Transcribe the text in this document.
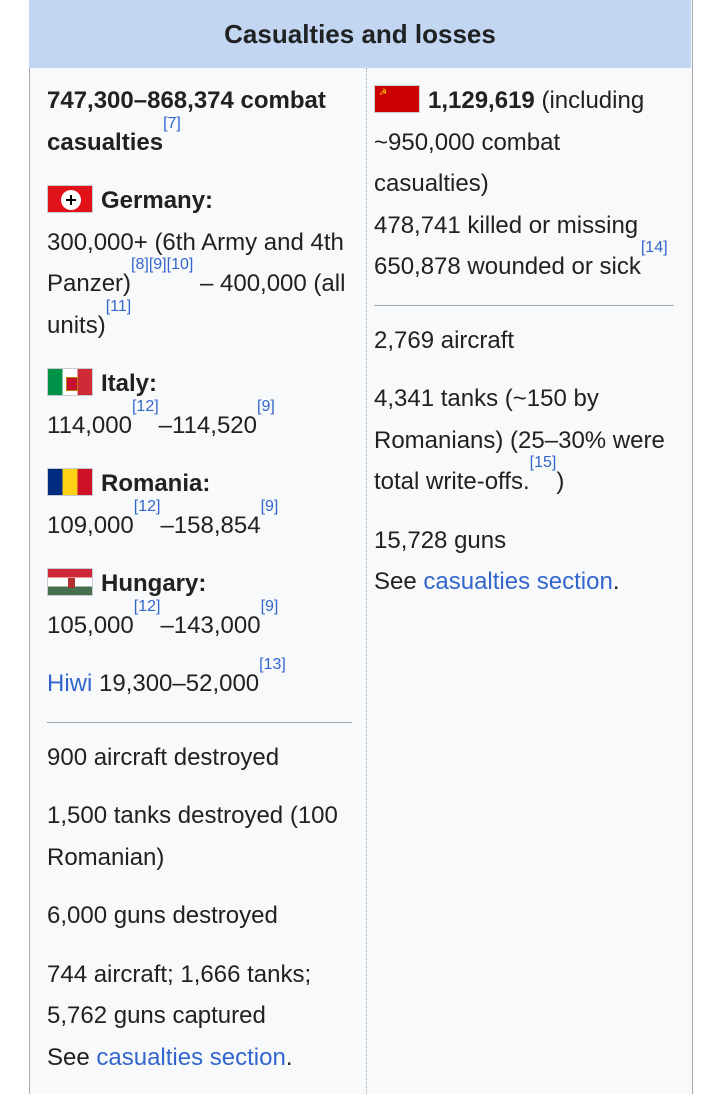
Casualties and losses
747,300–868,374 combat casualties[7]
Germany:
300,000+ (6th Army and 4th Panzer)[8][9][10] – 400,000 (all units)[11]
Italy:
114,000[12]–114,520[9]
Romania:
109,000[12]–158,854[9]
Hungary:
105,000[12]–143,000[9]
Hiwi 19,300–52,000[13]
900 aircraft destroyed
1,500 tanks destroyed (100 Romanian)
6,000 guns destroyed
744 aircraft; 1,666 tanks; 5,762 guns captured
See casualties section.
☭ 1,129,619 (including ~950,000 combat casualties)
478,741 killed or missing
650,878 wounded or sick[14]
2,769 aircraft
4,341 tanks (~150 by Romanians) (25–30% were total write-offs.[15])
15,728 guns
See casualties section.
